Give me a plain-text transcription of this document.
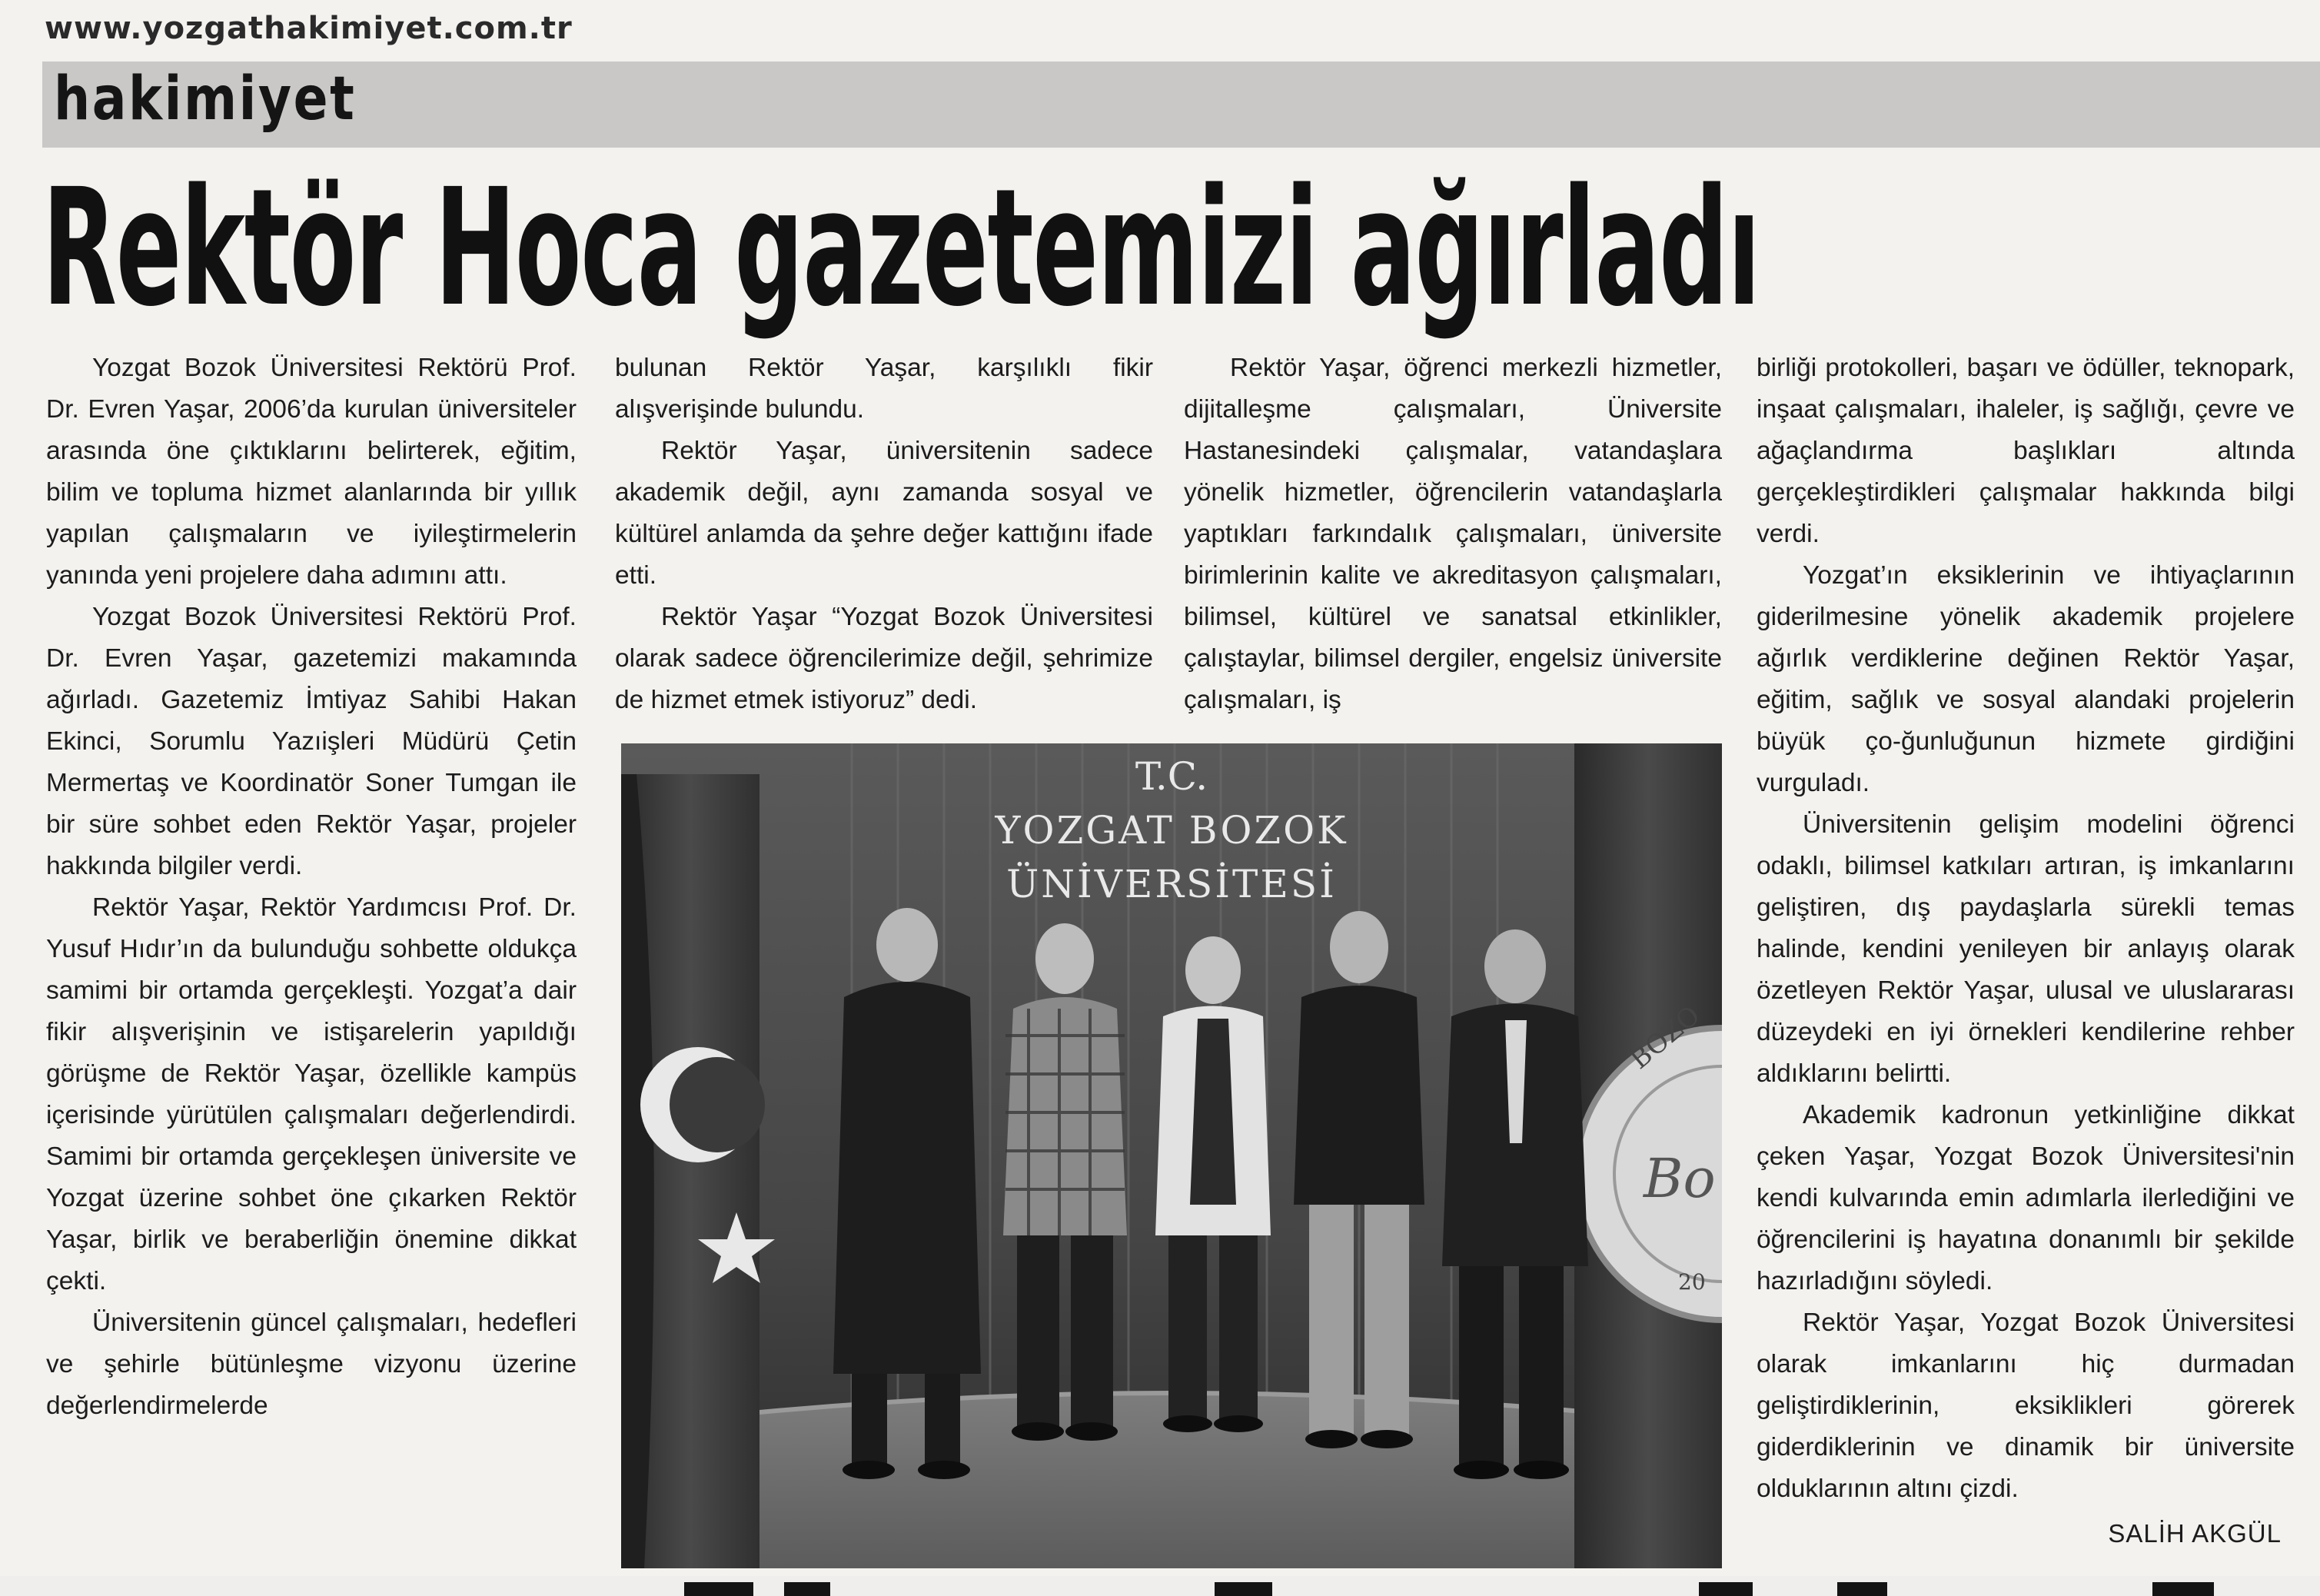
www.yozgathakimiyet.com.tr
hakimiyet
Rektör Hoca gazetemizi ağırladı

Yozgat Bozok Üniversitesi Rektörü Prof. Dr. Evren Yaşar, 2006’da kurulan üniversiteler arasında öne çıktıklarını belirterek, eğitim, bilim ve topluma hizmet alanlarında bir yıllık yapılan çalışmaların ve iyileştirmelerin yanında yeni projelere daha adımını attı.

Yozgat Bozok Üniversitesi Rektörü Prof. Dr. Evren Yaşar, gazetemizi makamında ağırladı. Gazetemiz İmtiyaz Sahibi Hakan Ekinci, Sorumlu Yazıişleri Müdürü Çetin Mermertaş ve Koordinatör Soner Tumgan ile bir süre sohbet eden Rektör Yaşar, projeler hakkında bilgiler verdi.

Rektör Yaşar, Rektör Yardımcısı Prof. Dr. Yusuf Hıdır’ın da bulunduğu sohbette oldukça samimi bir ortamda gerçekleşti. Yozgat’a dair fikir alışverişinin ve istişarelerin yapıldığı görüşme de Rektör Yaşar, özellikle kampüs içerisinde yürütülen çalışmaları değerlendirdi. Samimi bir ortamda gerçekleşen üniversite ve Yozgat üzerine sohbet öne çıkarken Rektör Yaşar, birlik ve beraberliğin önemine dikkat çekti.

Üniversitenin güncel çalışmaları, hedefleri ve şehirle bütünleşme vizyonu üzerine değerlendirmelerde

bulunan Rektör Yaşar, karşılıklı fikir alışverişinde bulundu.

Rektör Yaşar, üniversitenin sadece akademik değil, aynı zamanda sosyal ve kültürel anlamda da şehre değer kattığını ifade etti.

Rektör Yaşar “Yozgat Bozok Üniversitesi olarak sadece öğrencilerimize değil, şehrimize de hizmet etmek istiyoruz” dedi.

Rektör Yaşar, öğrenci merkezli hizmetler, dijitalleşme çalışmaları, Üniversite Hastanesindeki çalışmalar, vatandaşlara yönelik hizmetler, öğrencilerin vatandaşlarla yaptıkları farkındalık çalışmaları, üniversite birimlerinin kalite ve akreditasyon çalışmaları, bilimsel, kültürel ve sanatsal etkinlikler, çalıştaylar, bilimsel dergiler, engelsiz üniversite çalışmaları, iş

birliği protokolleri, başarı ve ödüller, teknopark, inşaat çalışmaları, ihaleler, iş sağlığı, çevre ve ağaçlandırma başlıkları altında gerçekleştirdikleri çalışmalar hakkında bilgi verdi.

Yozgat’ın eksiklerinin ve ihtiyaçlarının giderilmesine yönelik akademik projelere ağırlık verdiklerine değinen Rektör Yaşar, eğitim, sağlık ve sosyal alandaki projelerin büyük ço-ğunluğunun hizmete girdiğini vurguladı.

Üniversitenin gelişim modelini öğrenci odaklı, bilimsel katkıları artıran, iş imkanlarını geliştiren, dış paydaşlarla sürekli temas halinde, kendini yenileyen bir anlayış olarak özetleyen Rektör Yaşar, ulusal ve uluslararası düzeydeki en iyi örnekleri kendilerine rehber aldıklarını belirtti.

Akademik kadronun yetkinliğine dikkat çeken Yaşar, Yozgat Bozok Üniversitesi'nin kendi kulvarında emin adımlarla ilerlediğini ve öğrencilerini iş hayatına donanımlı bir şekilde hazırladığını söyledi.

Rektör Yaşar, Yozgat Bozok Üniversitesi olarak imkanlarını hiç durmadan geliştirdiklerinin, eksiklikleri görerek giderdiklerinin ve dinamik bir üniversite olduklarının altını çizdi.

SALİH AKGÜL
BOZO
Bo
20
T.C.
YOZGAT BOZOK
ÜNİVERSİTESİ
